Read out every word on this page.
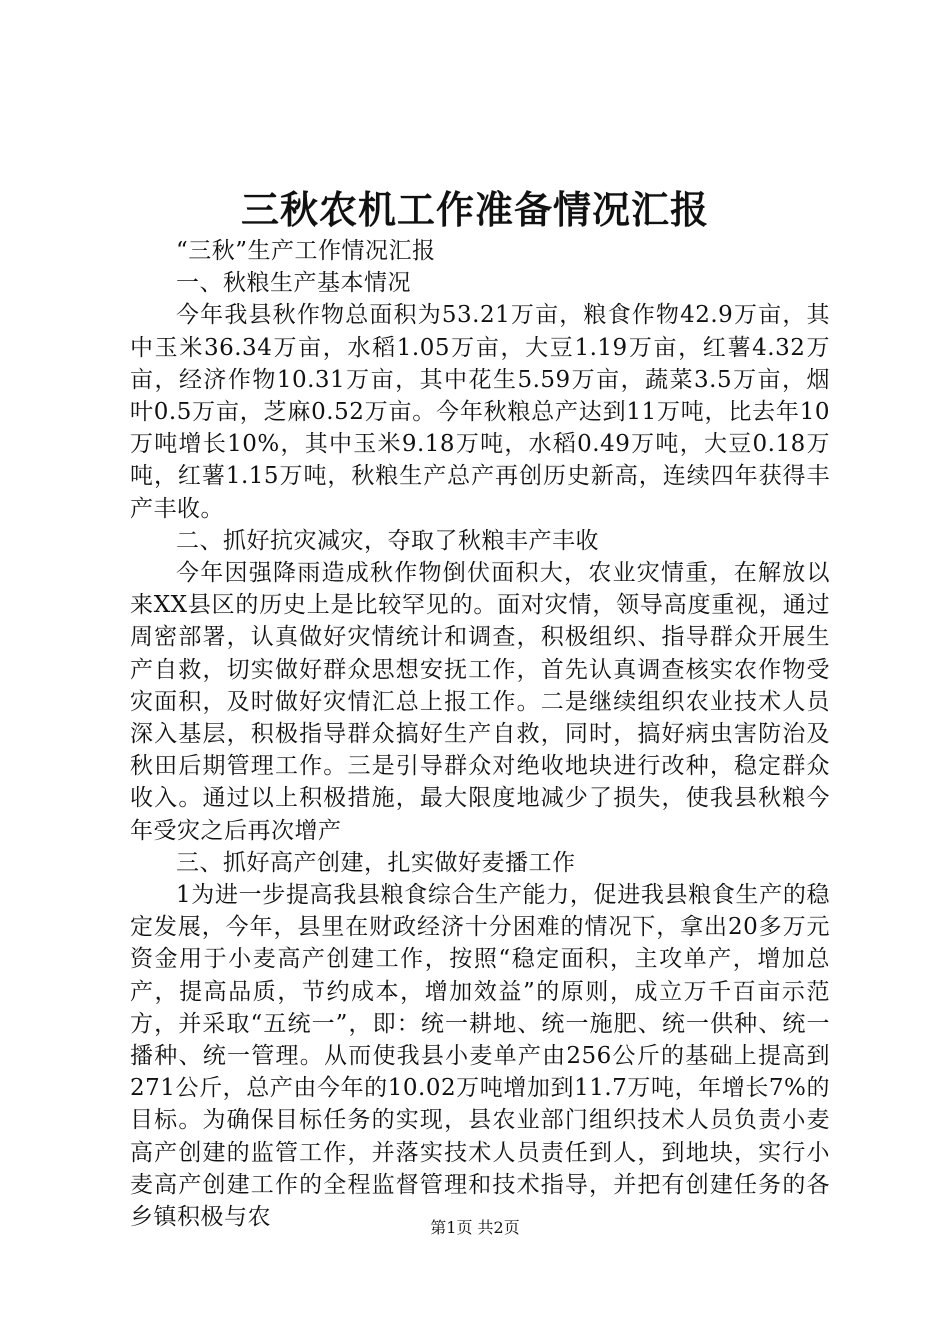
三秋农机工作准备情况汇报

“三秋”生产工作情况汇报

一、秋粮生产基本情况

今年我县秋作物总面积为53.21万亩，粮食作物42.9万亩，其中玉米36.34万亩，水稻1.05万亩，大豆1.19万亩，红薯4.32万亩，经济作物10.31万亩，其中花生5.59万亩，蔬菜3.5万亩，烟叶0.5万亩，芝麻0.52万亩。今年秋粮总产达到11万吨，比去年10万吨增长10%，其中玉米9.18万吨，水稻0.49万吨，大豆0.18万吨，红薯1.15万吨，秋粮生产总产再创历史新高，连续四年获得丰产丰收。

二、抓好抗灾减灾，夺取了秋粮丰产丰收

今年因强降雨造成秋作物倒伏面积大，农业灾情重，在解放以来XX县区的历史上是比较罕见的。面对灾情，领导高度重视，通过周密部署，认真做好灾情统计和调查，积极组织、指导群众开展生产自救，切实做好群众思想安抚工作，首先认真调查核实农作物受灾面积，及时做好灾情汇总上报工作。二是继续组织农业技术人员深入基层，积极指导群众搞好生产自救，同时，搞好病虫害防治及秋田后期管理工作。三是引导群众对绝收地块进行改种，稳定群众收入。通过以上积极措施，最大限度地减少了损失，使我县秋粮今年受灾之后再次增产

三、抓好高产创建，扎实做好麦播工作

1为进一步提高我县粮食综合生产能力，促进我县粮食生产的稳定发展，今年，县里在财政经济十分困难的情况下，拿出20多万元资金用于小麦高产创建工作，按照“稳定面积，主攻单产，增加总产，提高品质，节约成本，增加效益”的原则，成立万千百亩示范方，并采取“五统一”，即：统一耕地、统一施肥、统一供种、统一播种、统一管理。从而使我县小麦单产由256公斤的基础上提高到271公斤，总产由今年的10.02万吨增加到11.7万吨，年增长7%的目标。为确保目标任务的实现，县农业部门组织技术人员负责小麦高产创建的监管工作，并落实技术人员责任到人，到地块，实行小麦高产创建工作的全程监督管理和技术指导，并把有创建任务的各乡镇积极与农	第1页 共2页
